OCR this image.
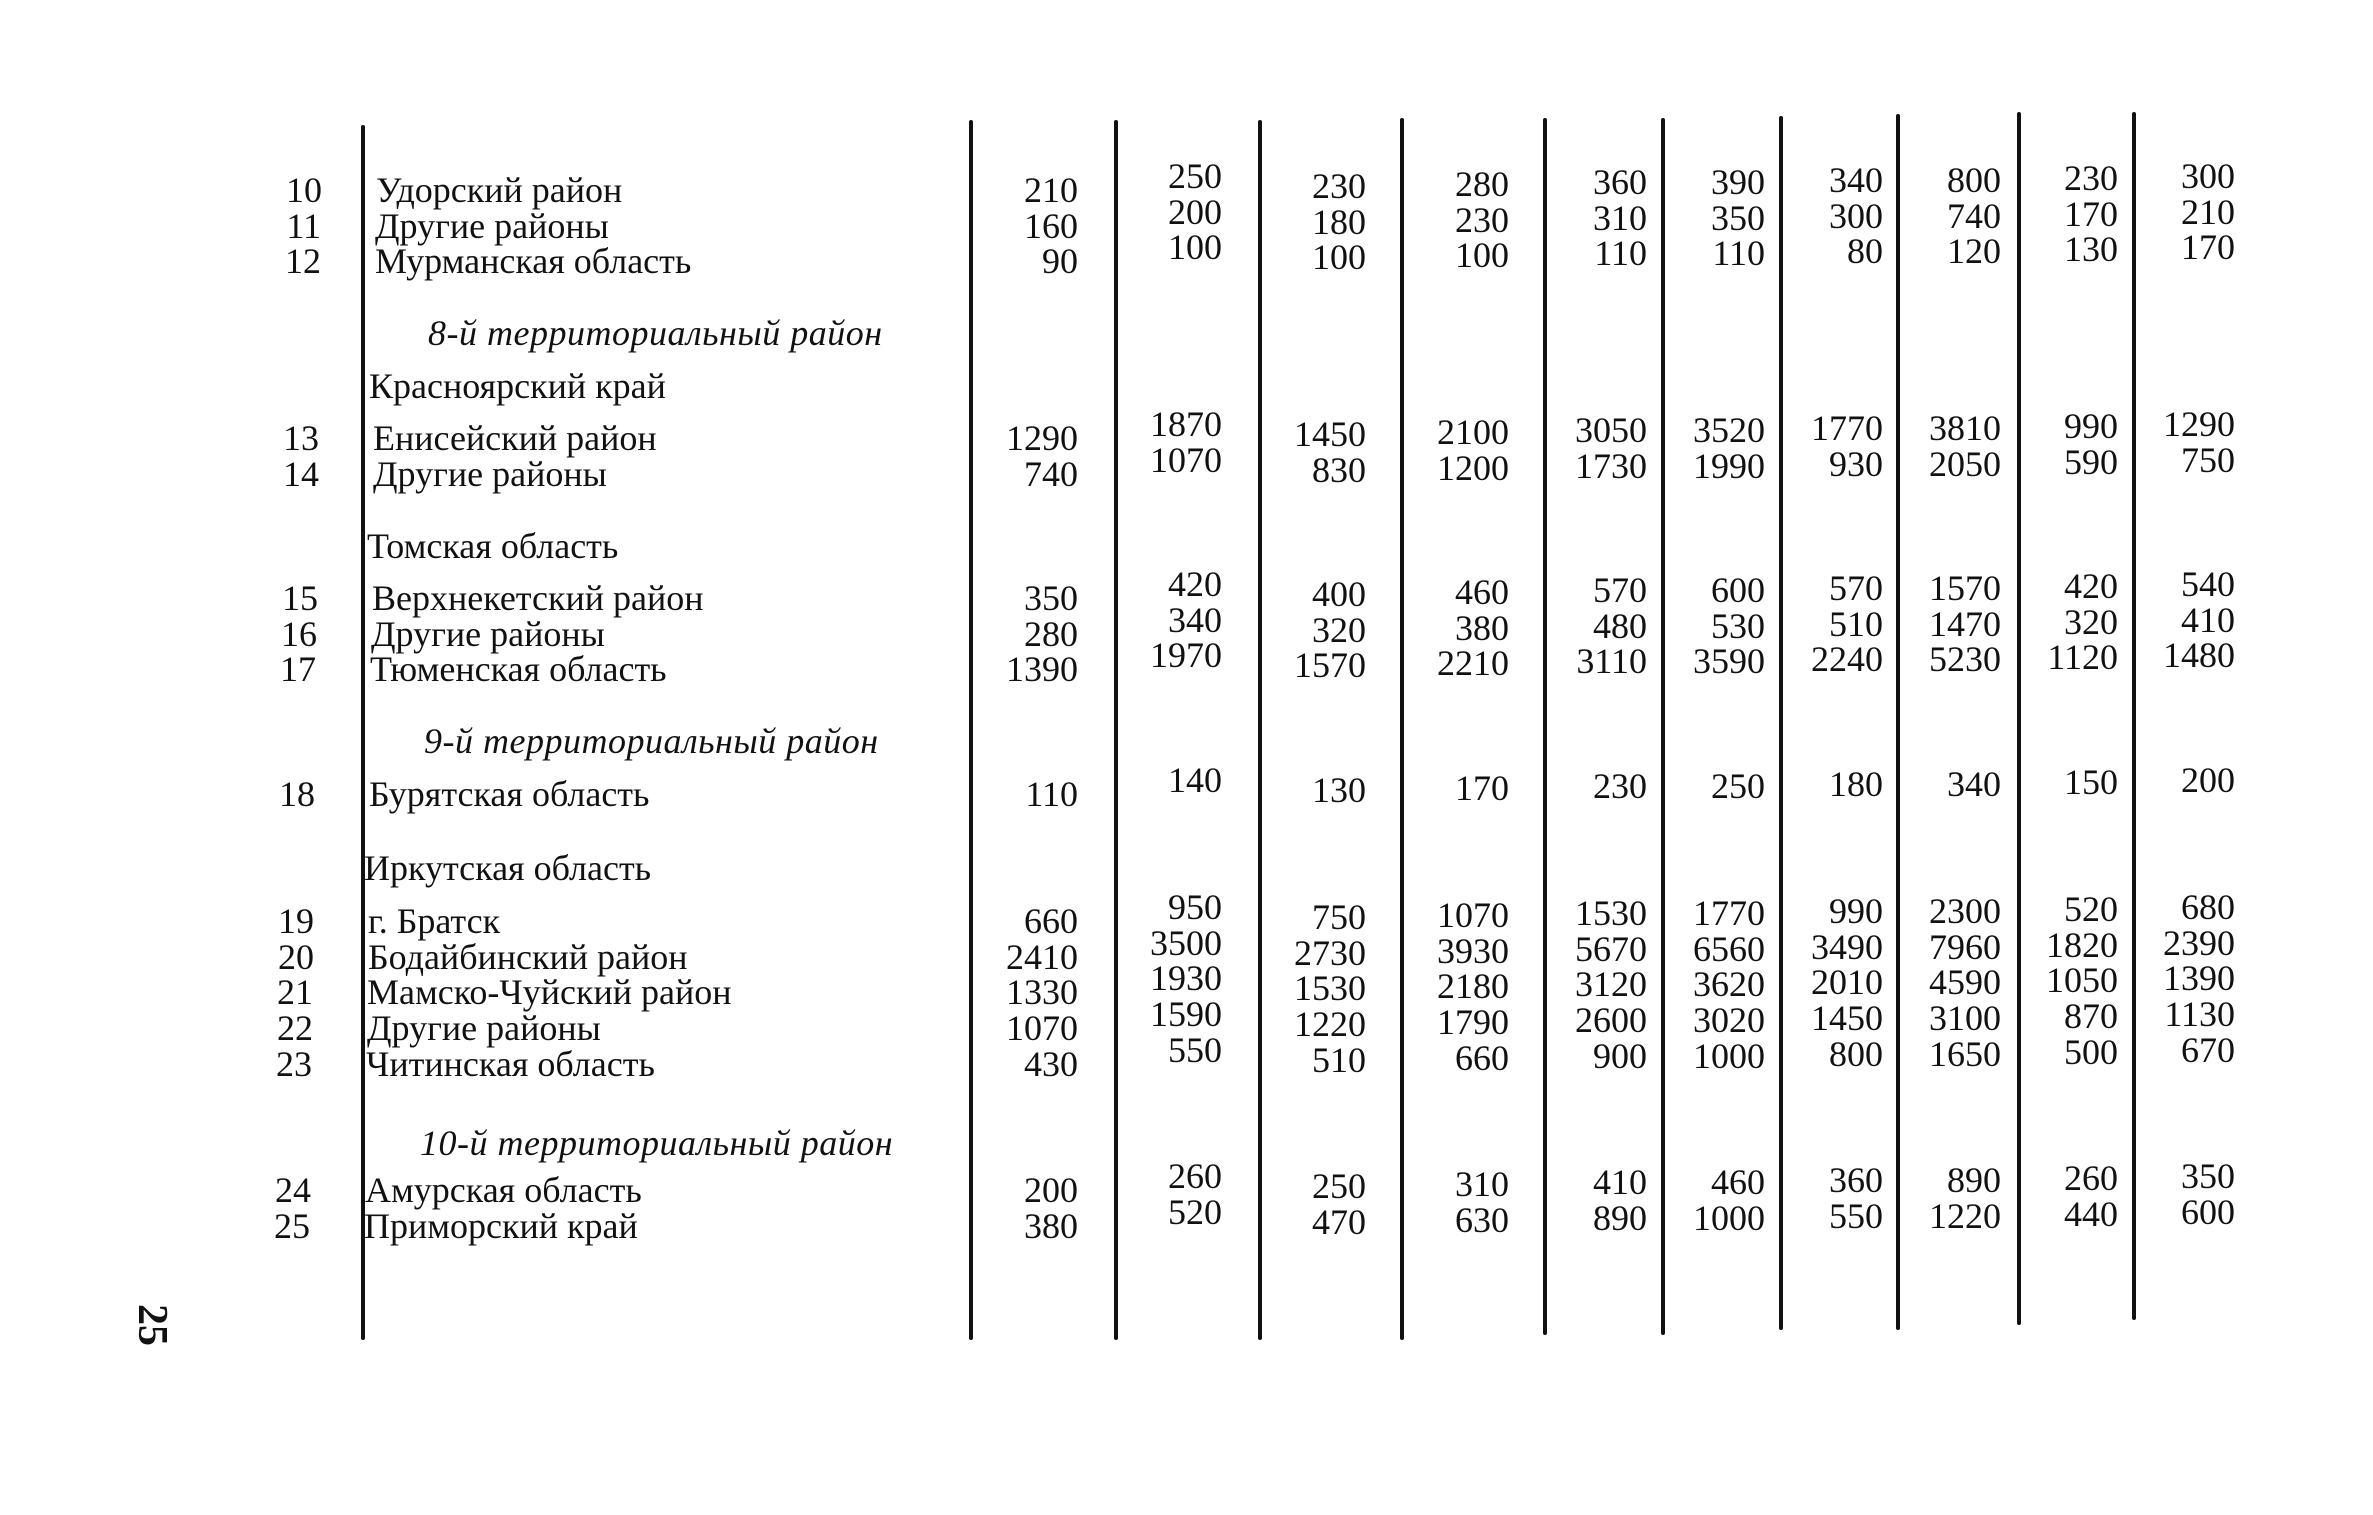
10 Удорский район	210	250	230	280	360	390	340	800	230	300
11 Другие районы	160	200	180	230	310	350	300	740	170	210
12 Мурманская область	90	100	100	100	110	110	80	120	130	170
8-й территориальный район
Красноярский край
13 Енисейский район	1290	1870	1450	2100	3050	3520	1770	3810	990	1290
14 Другие районы	740	1070	830	1200	1730	1990	930	2050	590	750
Томская область
15 Верхнекетский район	350	420	400	460	570	600	570	1570	420	540
16 Другие районы	280	340	320	380	480	530	510	1470	320	410
17 Тюменская область	1390	1970	1570	2210	3110	3590	2240	5230	1120	1480
9-й территориальный район
18 Бурятская область	110	140	130	170	230	250	180	340	150	200
Иркутская область
19 г. Братск	660	950	750	1070	1530	1770	990	2300	520	680
20 Бодайбинский район	2410	3500	2730	3930	5670	6560	3490	7960	1820	2390
21 Мамско-Чуйский район	1330	1930	1530	2180	3120	3620	2010	4590	1050	1390
22 Другие районы	1070	1590	1220	1790	2600	3020	1450	3100	870	1130
23 Читинская область	430	550	510	660	900	1000	800	1650	500	670
10-й территориальный район
24 Амурская область	200	260	250	310	410	460	360	890	260	350
25 Приморский край	380	520	470	630	890	1000	550	1220	440	600
25
